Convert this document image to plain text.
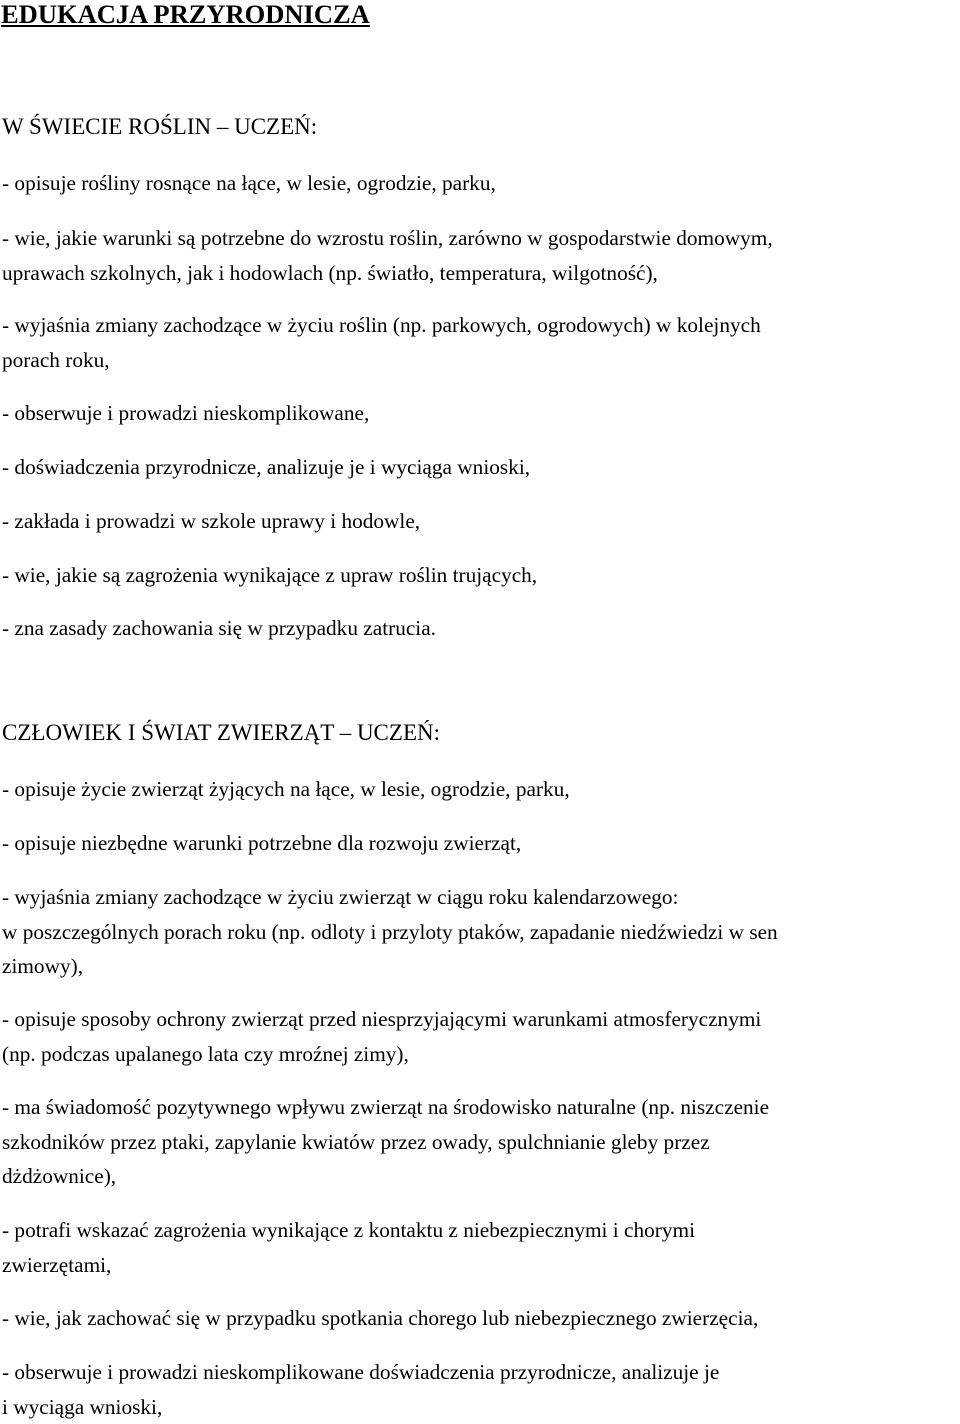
EDUKACJA PRZYRODNICZA
W ŚWIECIE ROŚLIN – UCZEŃ:
- opisuje rośliny rosnące na łące, w lesie, ogrodzie, parku,
- wie, jakie warunki są potrzebne do wzrostu roślin, zarówno w gospodarstwie domowym,
uprawach szkolnych, jak i hodowlach (np. światło, temperatura, wilgotność),
- wyjaśnia zmiany zachodzące w życiu roślin (np. parkowych, ogrodowych) w kolejnych
porach roku,
- obserwuje i prowadzi nieskomplikowane,
- doświadczenia przyrodnicze, analizuje je i wyciąga wnioski,
- zakłada i prowadzi w szkole uprawy i hodowle,
- wie, jakie są zagrożenia wynikające z upraw roślin trujących,
- zna zasady zachowania się w przypadku zatrucia.
CZŁOWIEK I ŚWIAT ZWIERZĄT – UCZEŃ:
- opisuje życie zwierząt żyjących na łące, w lesie, ogrodzie, parku,
- opisuje niezbędne warunki potrzebne dla rozwoju zwierząt,
- wyjaśnia zmiany zachodzące w życiu zwierząt w ciągu roku kalendarzowego:
w poszczególnych porach roku (np. odloty i przyloty ptaków, zapadanie niedźwiedzi w sen
zimowy),
- opisuje sposoby ochrony zwierząt przed niesprzyjającymi warunkami atmosferycznymi
(np. podczas upalanego lata czy mroźnej zimy),
- ma świadomość pozytywnego wpływu zwierząt na środowisko naturalne (np. niszczenie
szkodników przez ptaki, zapylanie kwiatów przez owady, spulchnianie gleby przez
dżdżownice),
- potrafi wskazać zagrożenia wynikające z kontaktu z niebezpiecznymi i chorymi
zwierzętami,
- wie, jak zachować się w przypadku spotkania chorego lub niebezpiecznego zwierzęcia,
- obserwuje i prowadzi nieskomplikowane doświadczenia przyrodnicze, analizuje je
i wyciąga wnioski,
